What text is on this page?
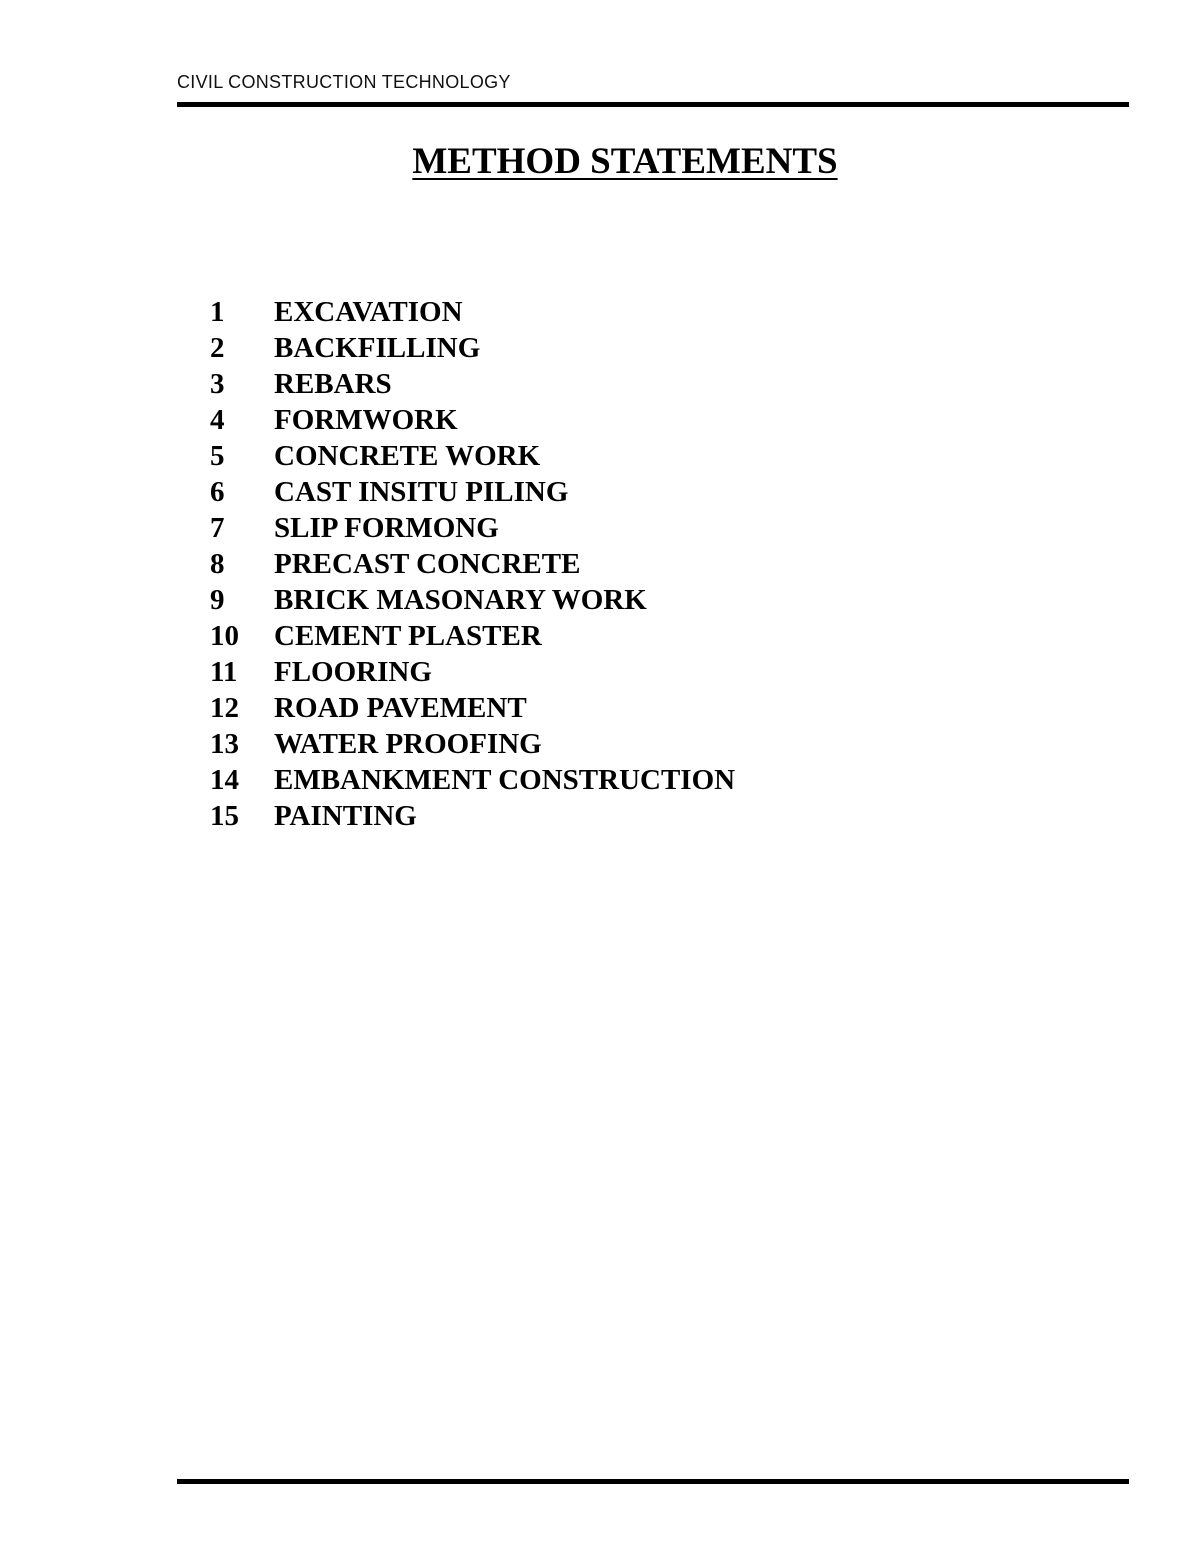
CIVIL CONSTRUCTION TECHNOLOGY
METHOD STATEMENTS
1	EXCAVATION
2	BACKFILLING
3	REBARS
4	FORMWORK
5	CONCRETE WORK
6	CAST INSITU PILING
7	SLIP FORMONG
8	PRECAST CONCRETE
9	BRICK MASONARY WORK
10	CEMENT PLASTER
11	FLOORING
12	ROAD PAVEMENT
13	WATER PROOFING
14	EMBANKMENT CONSTRUCTION
15	PAINTING
